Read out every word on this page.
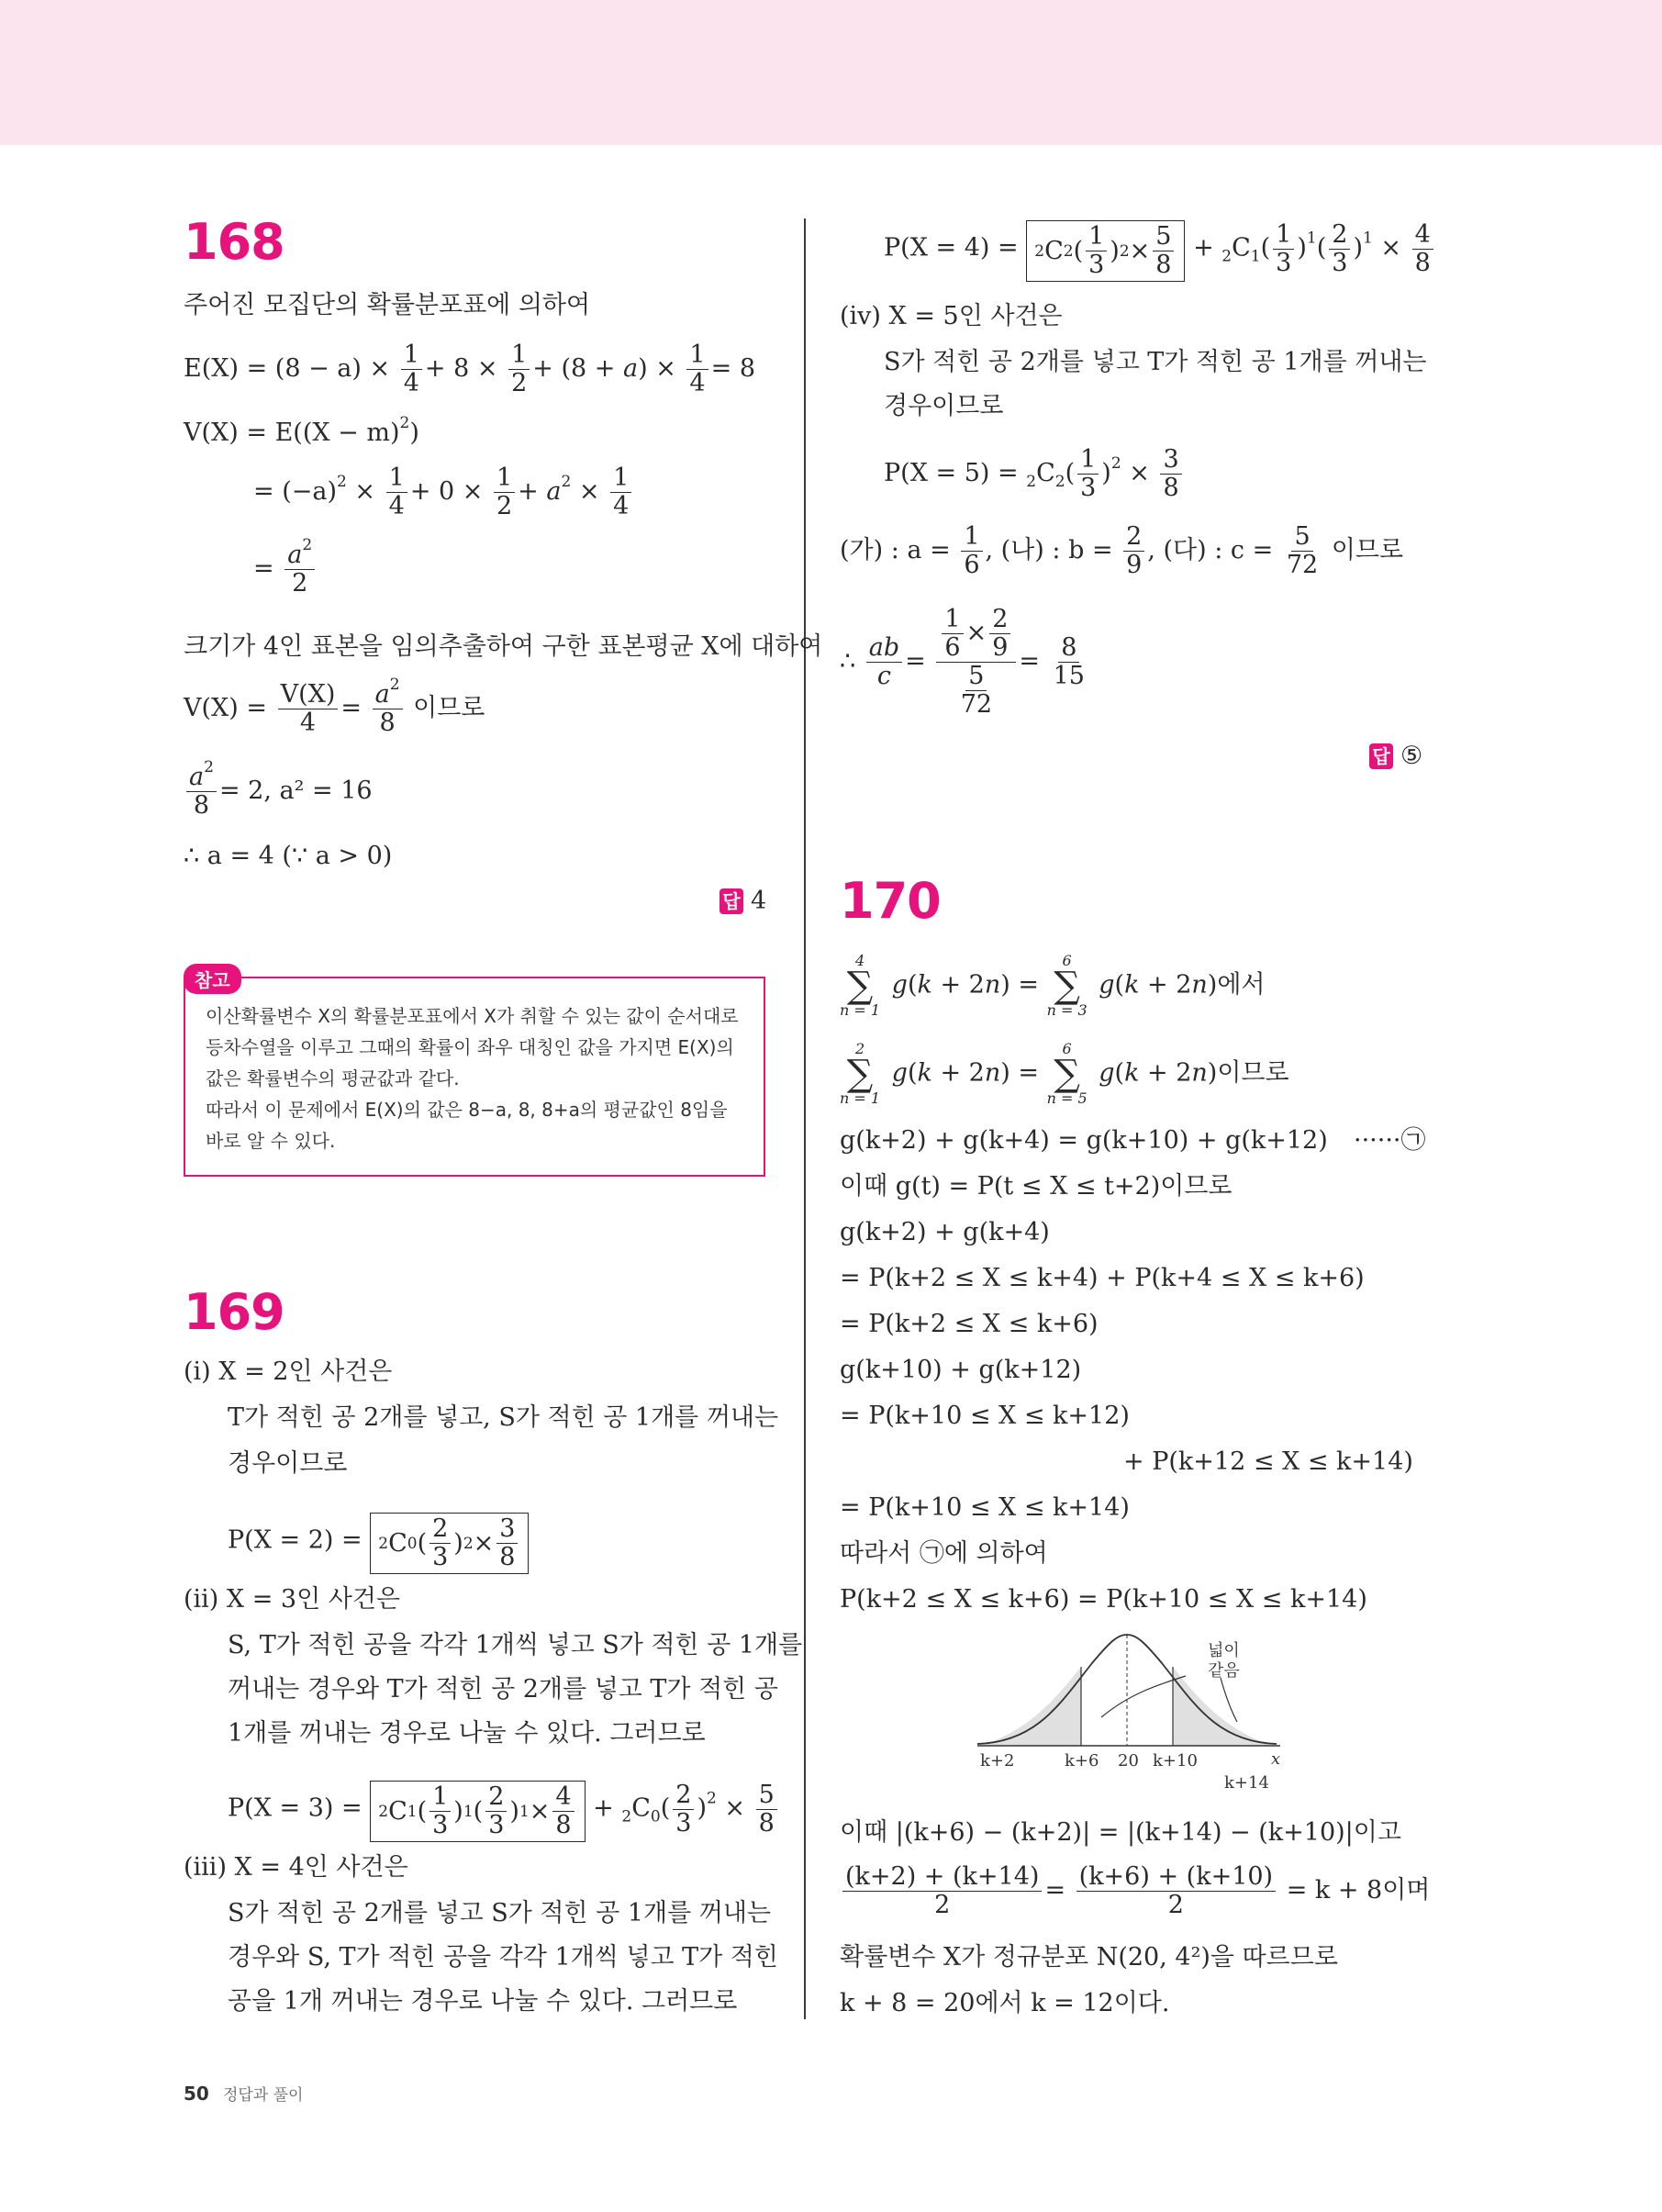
168
주어진 모집단의 확률분포표에 의하여
$E(X) = (8 - a) \times \frac{1}{4} + 8 \times \frac{1}{2} + (8 + a) \times \frac{1}{4} = 8$
$V(X) = E((X - m)^2)$
= $(-a)^2 \times \frac{1}{4} + 0 \times \frac{1}{2} + a^2 \times \frac{1}{4}$
= $\frac{a^2}{2}$
크기가 4인 표본을 임의추출하여 구한 표본평균 X에 대하여
$V(X) = \frac{V(X)}{4} = \frac{a^2}{8}$ 이므로
$\frac{a^2}{8} = 2$, a² = 16
∴ a = 4 (∵ a > 0)
답 4
참고
이산확률변수 X의 확률분포표에서 X가 취할 수 있는 값이 순서대로
등차수열을 이루고 그때의 확률이 좌우 대칭인 값을 가지면 E(X)의
값은 확률변수의 평균값과 같다.
따라서 이 문제에서 E(X)의 값은 8−a, 8, 8+a의 평균값인 8임을
바로 알 수 있다.
169
(i) X = 2인 사건은
T가 적힌 공 2개를 넣고, S가 적힌 공 1개를 꺼내는
경우이므로
P(X = 2) = 2 C 0 ( $\frac{2}{3}$ ) $2 \times \frac{3}{8}$
(ii) X = 3인 사건은
S, T가 적힌 공을 각각 1개씩 넣고 S가 적힌 공 1개를
꺼내는 경우와 T가 적힌 공 2개를 넣고 T가 적힌 공
1개를 꺼내는 경우로 나눌 수 있다. 그러므로
P(X = 3) = 2 C 1 ( $\frac{1}{3}$ ) 1 ( $\frac{2}{3}$ ) $1 \times \frac{4}{8} + _2C_0( \frac{2}{3} )^2 \times \frac{5}{8}$
(iii) X = 4인 사건은
S가 적힌 공 2개를 넣고 S가 적힌 공 1개를 꺼내는
경우와 S, T가 적힌 공을 각각 1개씩 넣고 T가 적힌
공을 1개 꺼내는 경우로 나눌 수 있다. 그러므로
P(X = 4) = 2 C 2 ( $\frac{1}{3}$ ) $2 \times \frac{5}{8} + _2C_1( \frac{1}{3} )^1( \frac{2}{3} )^1 \times \frac{4}{8}$
(iv) X = 5인 사건은
S가 적힌 공 2개를 넣고 T가 적힌 공 1개를 꺼내는
경우이므로
$P(X = 5) = _2C_2( \frac{1}{3} )^2 \times \frac{3}{8}$
(가) : $a = \frac{1}{6}$ , (나) : $b = \frac{2}{9}$ , (다) : $c = \frac{5}{72}$ 이므로
∴ $\frac{ab}{c} = \frac{\frac{1}{6} \times \frac{2}{9}}{\frac{5}{72}} = \frac{8}{15}$
답 ⑤
170
4
∑
n = 1
g(k + 2n) =
6
∑
n = 3
g(k + 2n)에서
2
∑
n = 1
g(k + 2n) =
6
∑
n = 5
g(k + 2n)이므로
g(k+2) + g(k+4) = g(k+10) + g(k+12) ······㉠
이때 g(t) = P(t ≤ X ≤ t+2)이므로
g(k+2) + g(k+4)
= P(k+2 ≤ X ≤ k+4) + P(k+4 ≤ X ≤ k+6)
= P(k+2 ≤ X ≤ k+6)
g(k+10) + g(k+12)
= P(k+10 ≤ X ≤ k+12)
+ P(k+12 ≤ X ≤ k+14)
= P(k+10 ≤ X ≤ k+14)
따라서 ㉠에 의하여
P(k+2 ≤ X ≤ k+6) = P(k+10 ≤ X ≤ k+14)
넓이
같음
x
k+2	k+6 20 k+10
k+14
이때 |(k+6) − (k+2)| = |(k+14) − (k+10)|이고
$\frac{(k+2) + (k+14)}{2} = \frac{(k+6) + (k+10)}{2} = k + 8$이며
확률변수 X가 정규분포 N(20, 4²)을 따르므로
k + 8 = 20에서 k = 12이다.
50 정답과 풀이
